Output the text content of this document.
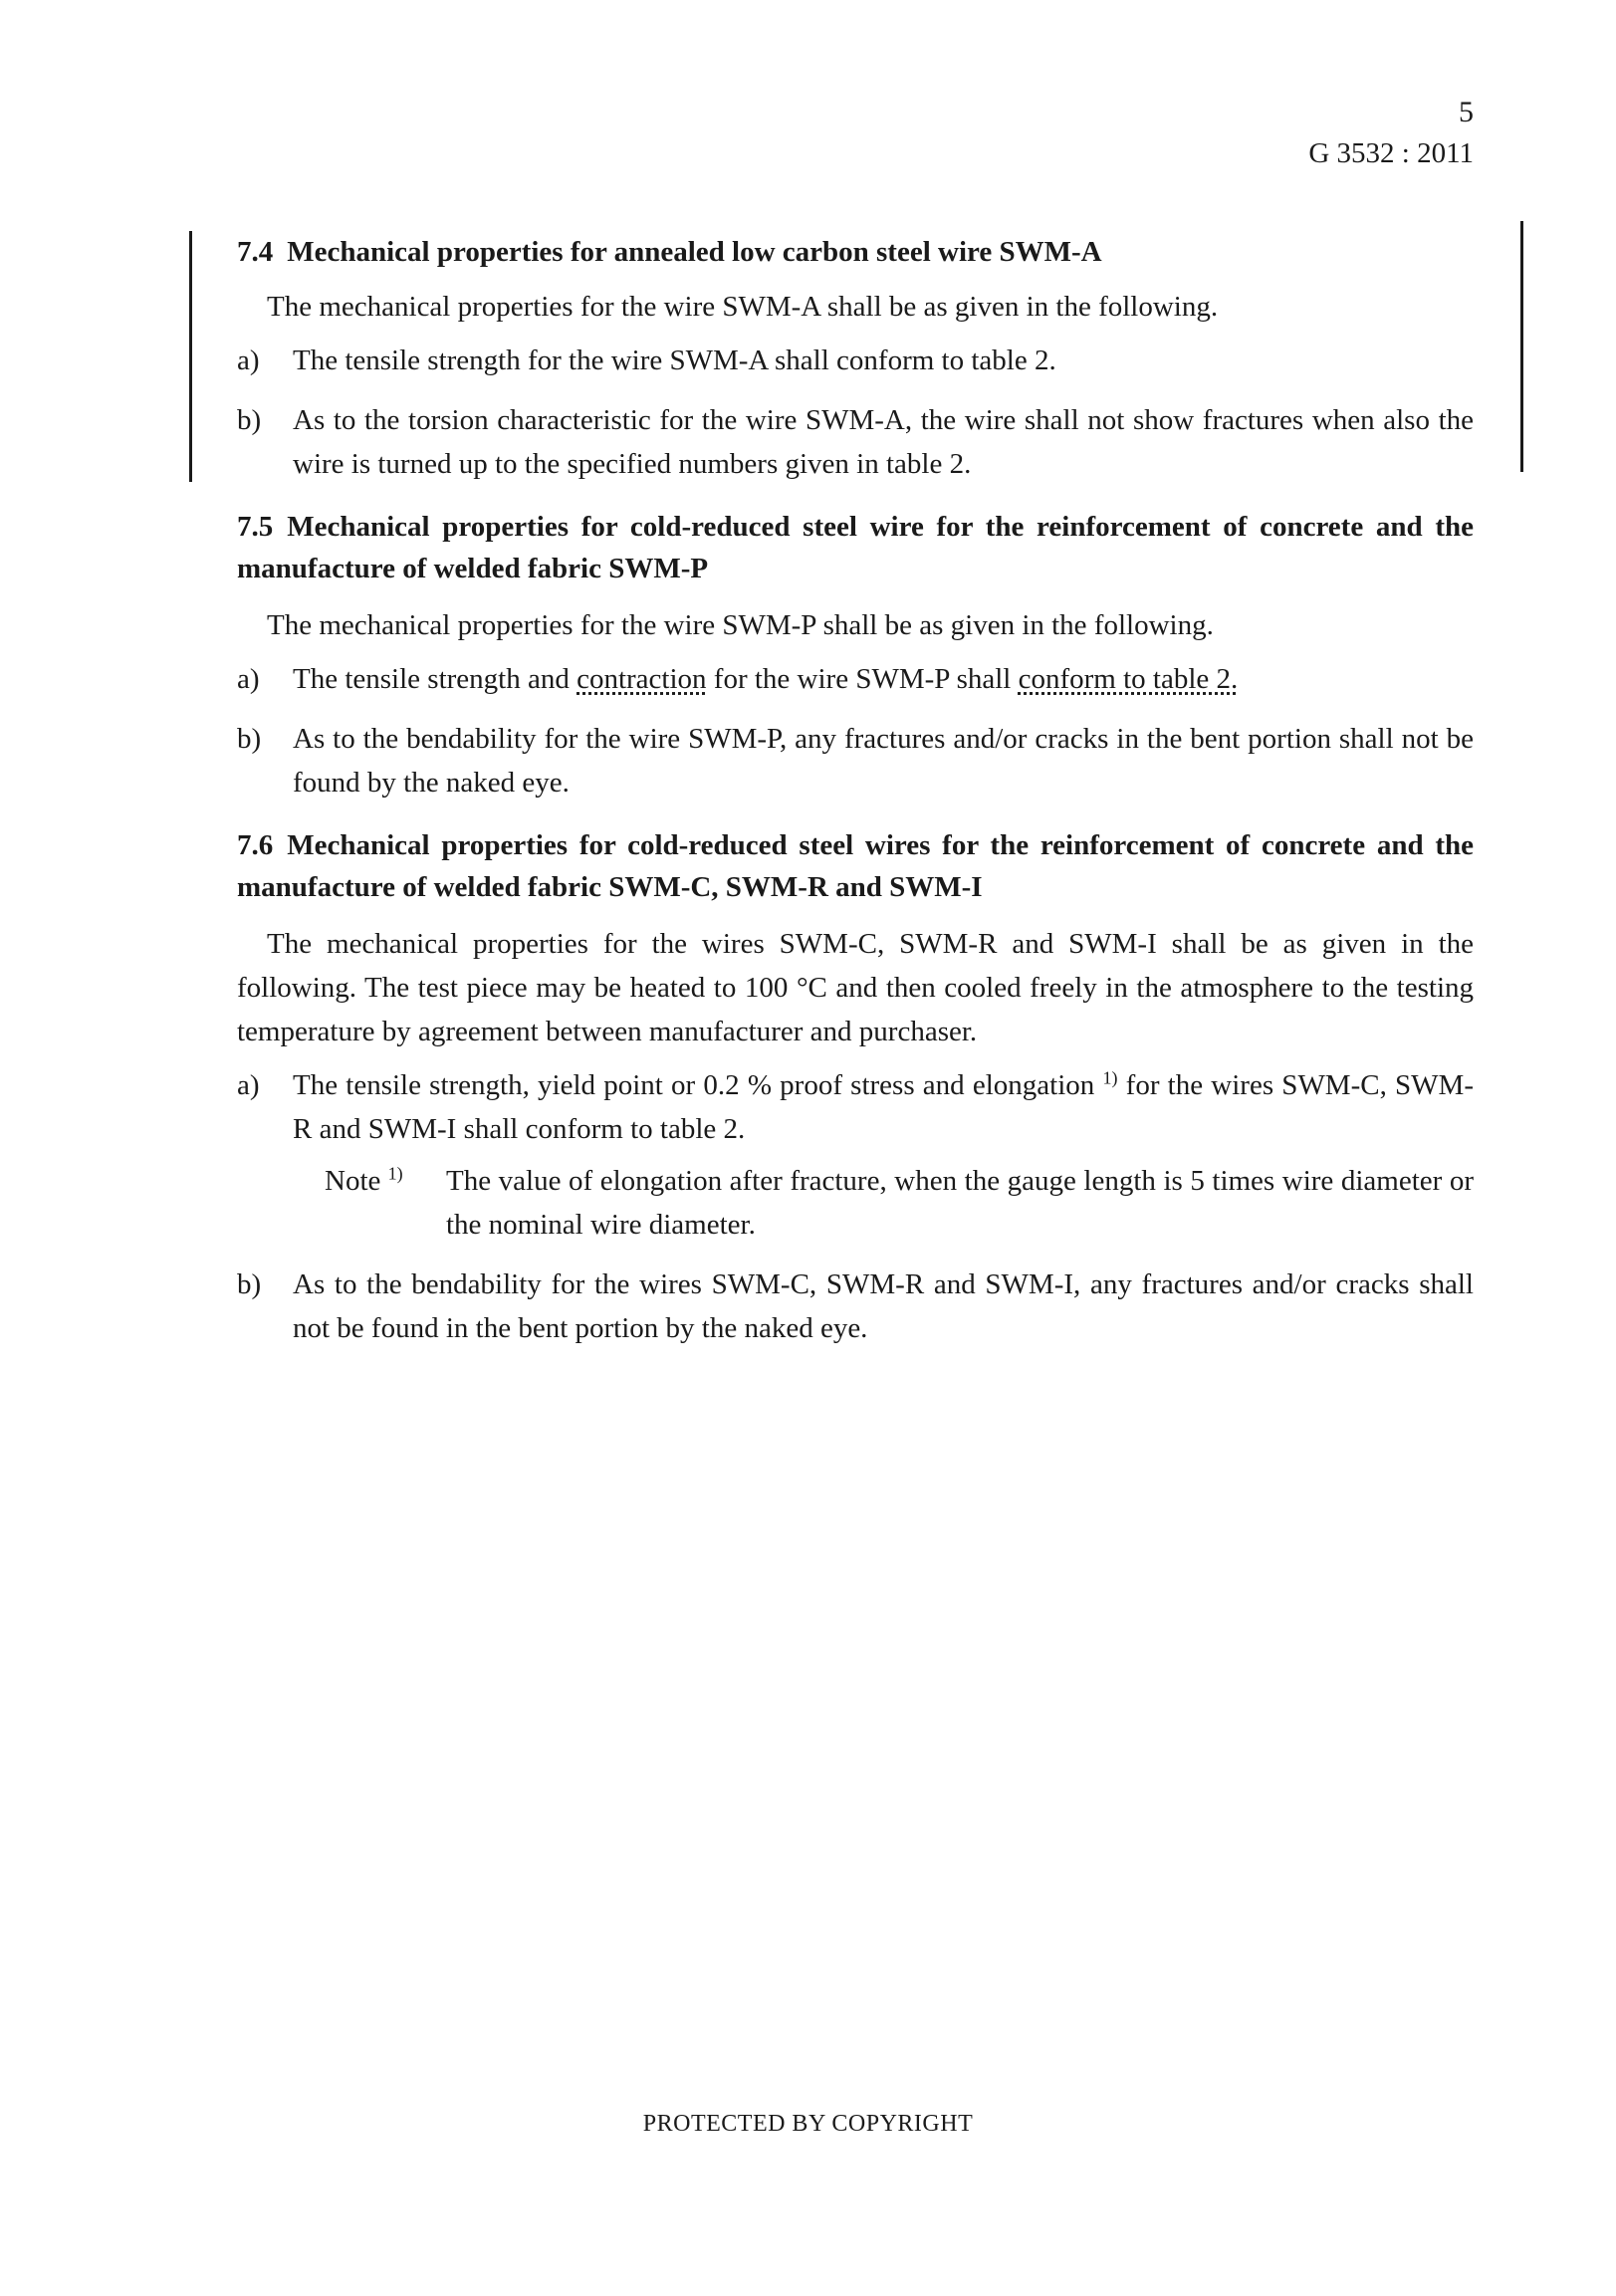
5
G 3532 : 2011
7.4 Mechanical properties for annealed low carbon steel wire SWM-A
The mechanical properties for the wire SWM-A shall be as given in the following.
a) The tensile strength for the wire SWM-A shall conform to table 2.
b) As to the torsion characteristic for the wire SWM-A, the wire shall not show fractures when also the wire is turned up to the specified numbers given in table 2.
7.5 Mechanical properties for cold-reduced steel wire for the reinforcement of concrete and the manufacture of welded fabric SWM-P
The mechanical properties for the wire SWM-P shall be as given in the following.
a) The tensile strength and contraction for the wire SWM-P shall conform to table 2.
b) As to the bendability for the wire SWM-P, any fractures and/or cracks in the bent portion shall not be found by the naked eye.
7.6 Mechanical properties for cold-reduced steel wires for the reinforcement of concrete and the manufacture of welded fabric SWM-C, SWM-R and SWM-I
The mechanical properties for the wires SWM-C, SWM-R and SWM-I shall be as given in the following. The test piece may be heated to 100 °C and then cooled freely in the atmosphere to the testing temperature by agreement between manufacturer and purchaser.
a) The tensile strength, yield point or 0.2 % proof stress and elongation $^{1)}$ for the wires SWM-C, SWM-R and SWM-I shall conform to table 2.
Note $^{1)}$ The value of elongation after fracture, when the gauge length is 5 times wire diameter or the nominal wire diameter.
b) As to the bendability for the wires SWM-C, SWM-R and SWM-I, any fractures and/or cracks shall not be found in the bent portion by the naked eye.
PROTECTED BY COPYRIGHT
